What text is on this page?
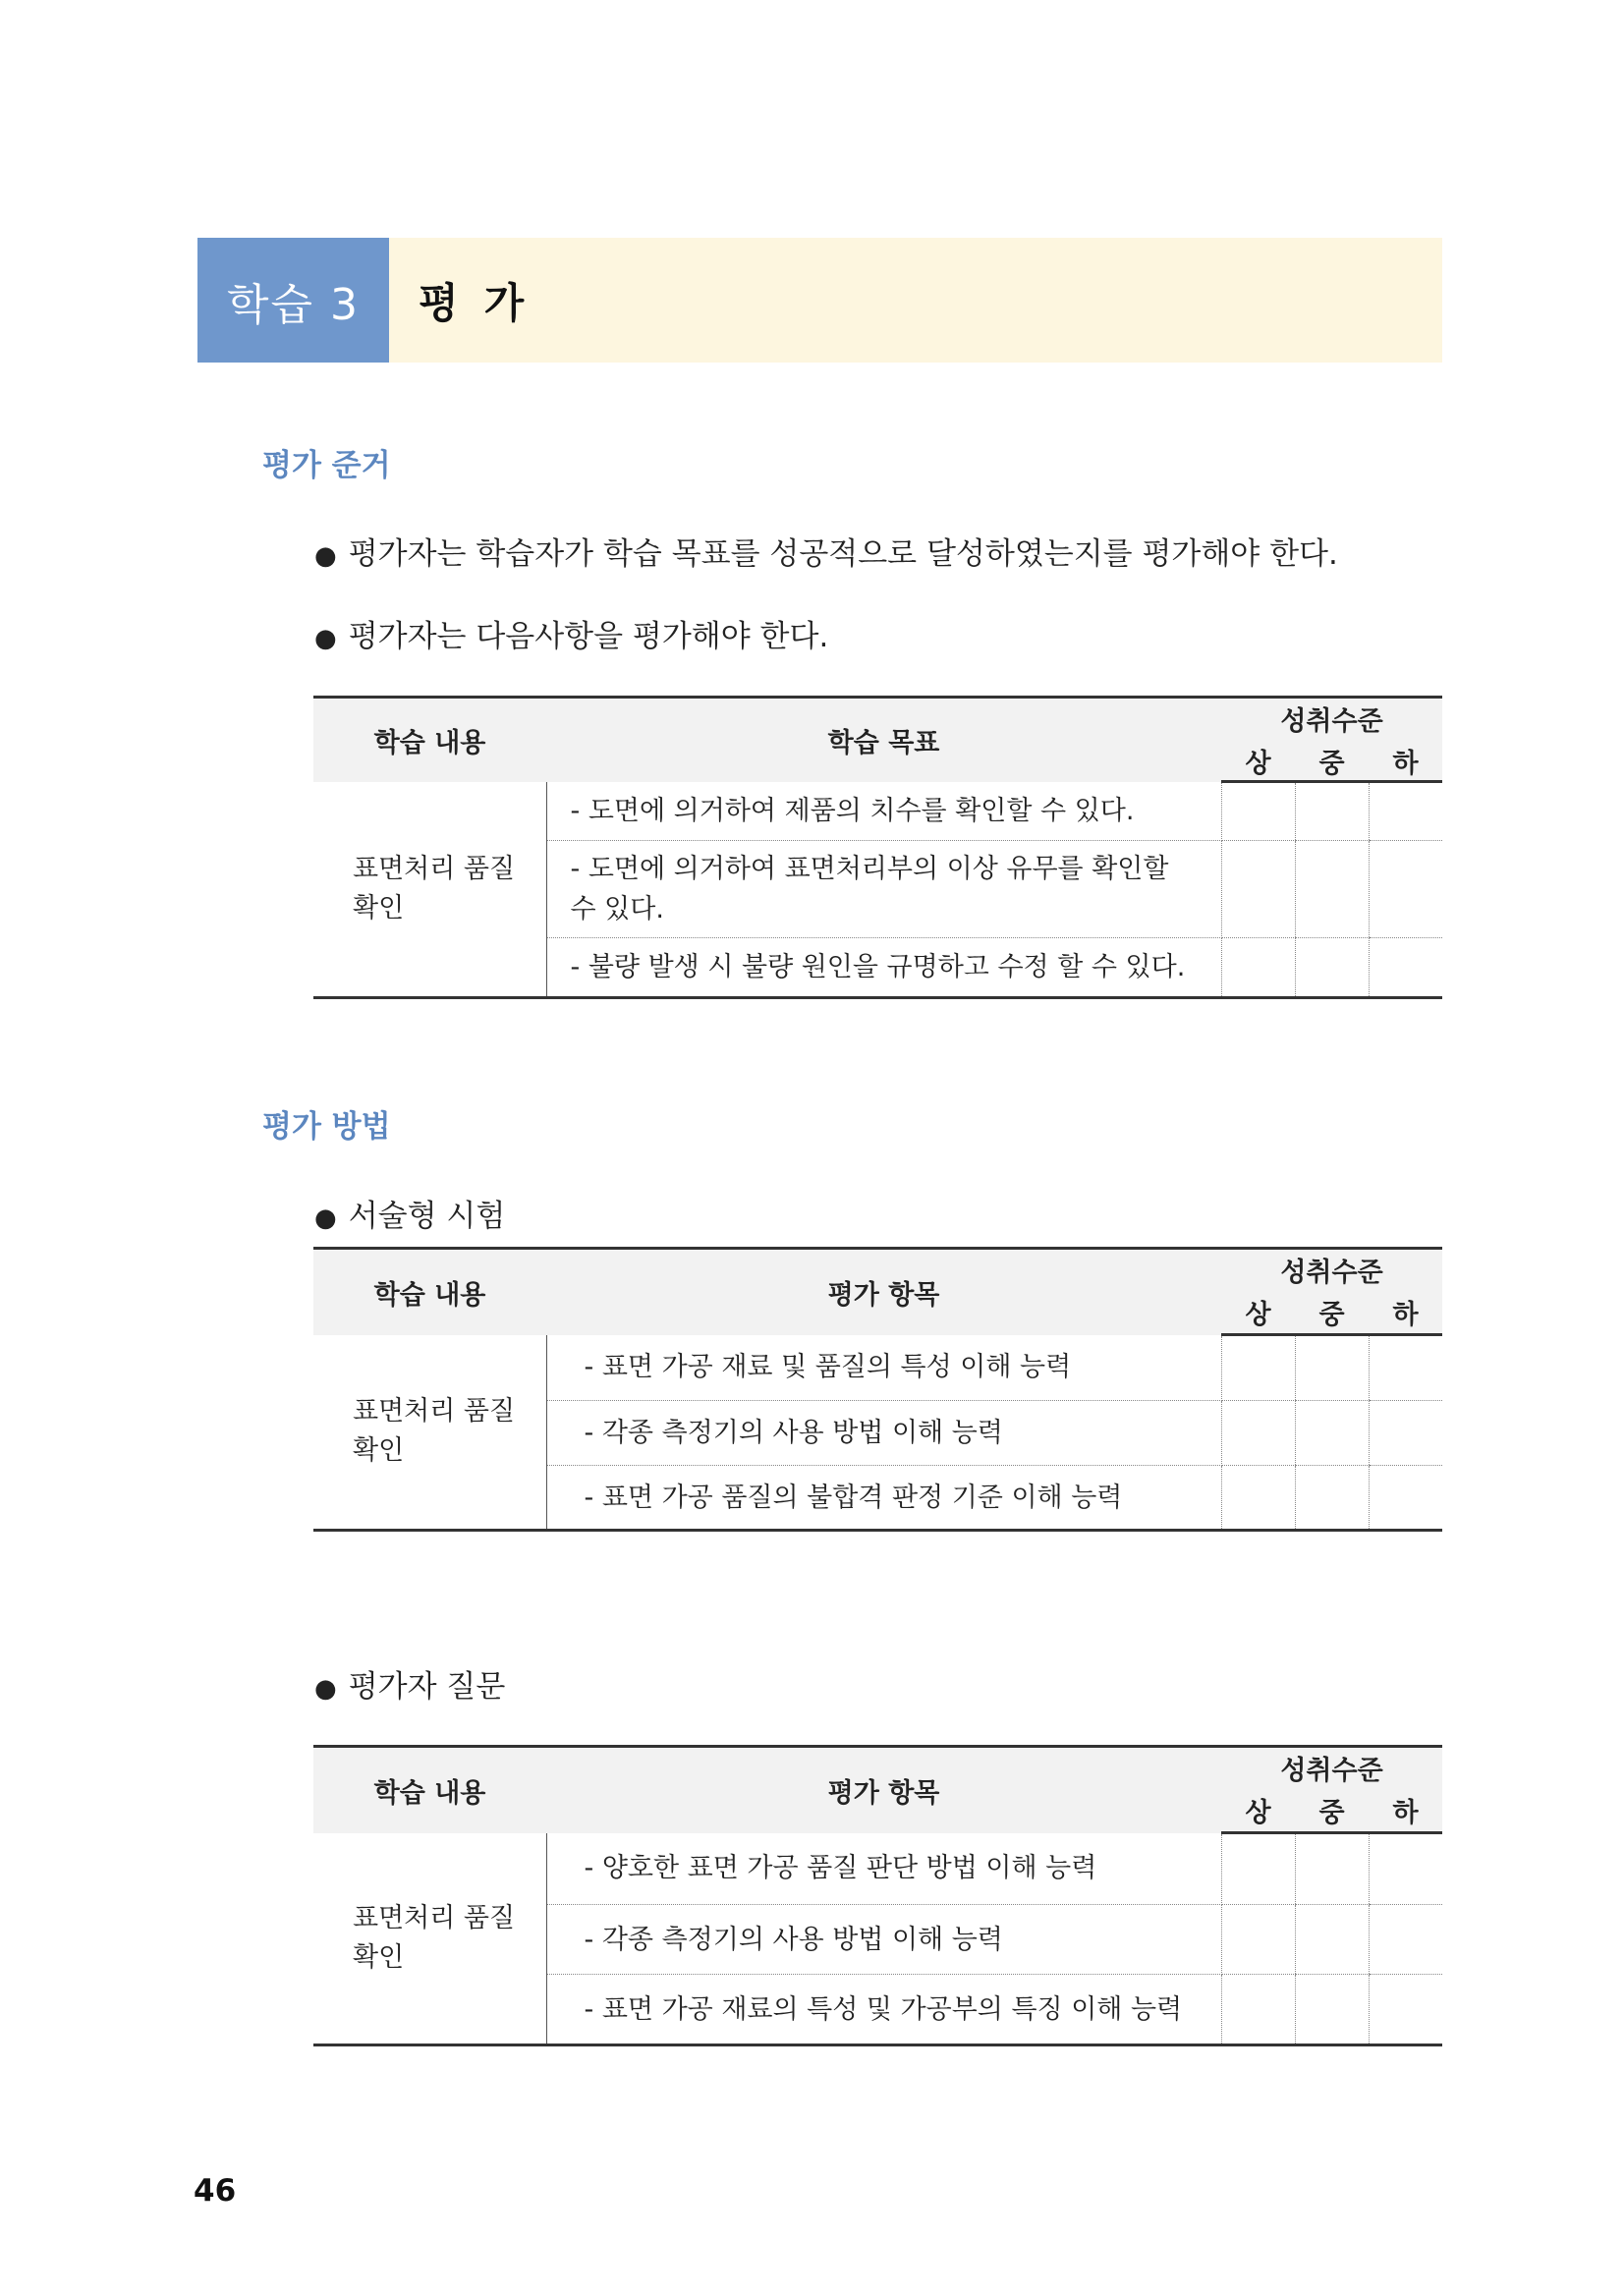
학습 3	평가
평가 준거
● 평가자는 학습자가 학습 목표를 성공적으로 달성하였는지를 평가해야 한다.
● 평가자는 다음사항을 평가해야 한다.
학습 내용	학습 목표	성취수준		
		상	중	하
표면처리 품질 확인	- 도면에 의거하여 제품의 치수를 확인할 수 있다.			
	- 도면에 의거하여 표면처리부의 이상 유무를 확인할 수 있다.			
	- 불량 발생 시 불량 원인을 규명하고 수정 할 수 있다.			
평가 방법
● 서술형 시험
학습 내용	평가 항목	성취수준		
		상	중	하
표면처리 품질 확인	- 표면 가공 재료 및 품질의 특성 이해 능력			
	- 각종 측정기의 사용 방법 이해 능력			
	- 표면 가공 품질의 불합격 판정 기준 이해 능력			
● 평가자 질문
학습 내용	평가 항목	성취수준		
		상	중	하
표면처리 품질 확인	- 양호한 표면 가공 품질 판단 방법 이해 능력			
	- 각종 측정기의 사용 방법 이해 능력			
	- 표면 가공 재료의 특성 및 가공부의 특징 이해 능력			
46
